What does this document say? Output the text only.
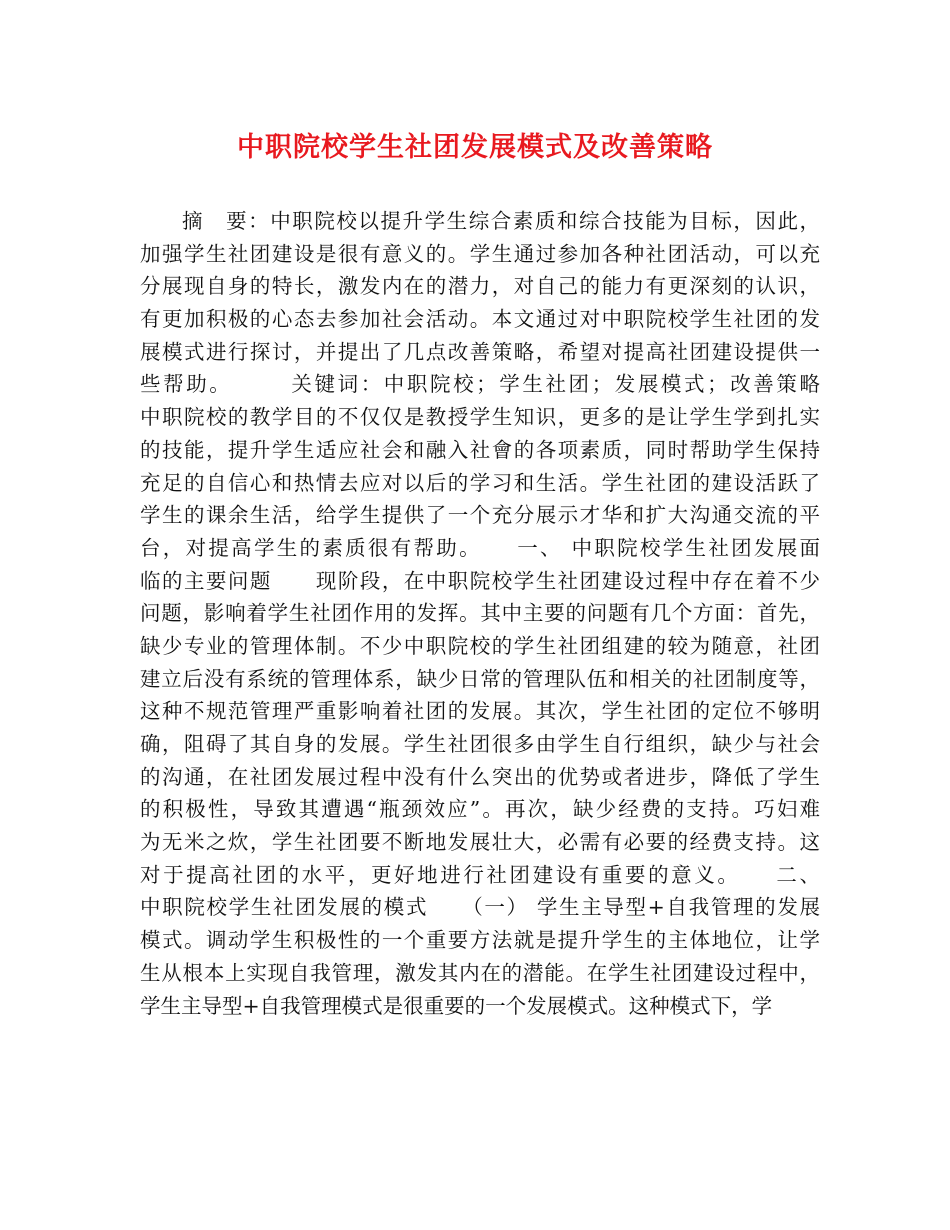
中职院校学生社团发展模式及改善策略
摘　要：中职院校以提升学生综合素质和综合技能为目标，因此，
加强学生社团建设是很有意义的。学生通过参加各种社团活动，可以充
分展现自身的特长，激发内在的潜力，对自己的能力有更深刻的认识，
有更加积极的心态去参加社会活动。本文通过对中职院校学生社团的发
展模式进行探讨，并提出了几点改善策略，希望对提高社团建设提供一
些帮助。　　　关键词：中职院校；学生社团；发展模式；改善策略
中职院校的教学目的不仅仅是教授学生知识，更多的是让学生学到扎实
的技能，提升学生适应社会和融入社會的各项素质，同时帮助学生保持
充足的自信心和热情去应对以后的学习和生活。学生社团的建设活跃了
学生的课余生活，给学生提供了一个充分展示才华和扩大沟通交流的平
台，对提高学生的素质很有帮助。　　一、 中职院校学生社团发展面
临的主要问题　　现阶段，在中职院校学生社团建设过程中存在着不少
问题，影响着学生社团作用的发挥。其中主要的问题有几个方面：首先，
缺少专业的管理体制。不少中职院校的学生社团组建的较为随意，社团
建立后没有系统的管理体系，缺少日常的管理队伍和相关的社团制度等，
这种不规范管理严重影响着社团的发展。其次，学生社团的定位不够明
确，阻碍了其自身的发展。学生社团很多由学生自行组织，缺少与社会
的沟通，在社团发展过程中没有什么突出的优势或者进步，降低了学生
的积极性，导致其遭遇“瓶颈效应”。再次，缺少经费的支持。巧妇难
为无米之炊，学生社团要不断地发展壮大，必需有必要的经费支持。这
对于提高社团的水平，更好地进行社团建设有重要的意义。　　二、
中职院校学生社团发展的模式　　（一） 学生主导型+自我管理的发展
模式。调动学生积极性的一个重要方法就是提升学生的主体地位，让学
生从根本上实现自我管理，激发其内在的潜能。在学生社团建设过程中，
学生主导型+自我管理模式是很重要的一个发展模式。这种模式下，学
